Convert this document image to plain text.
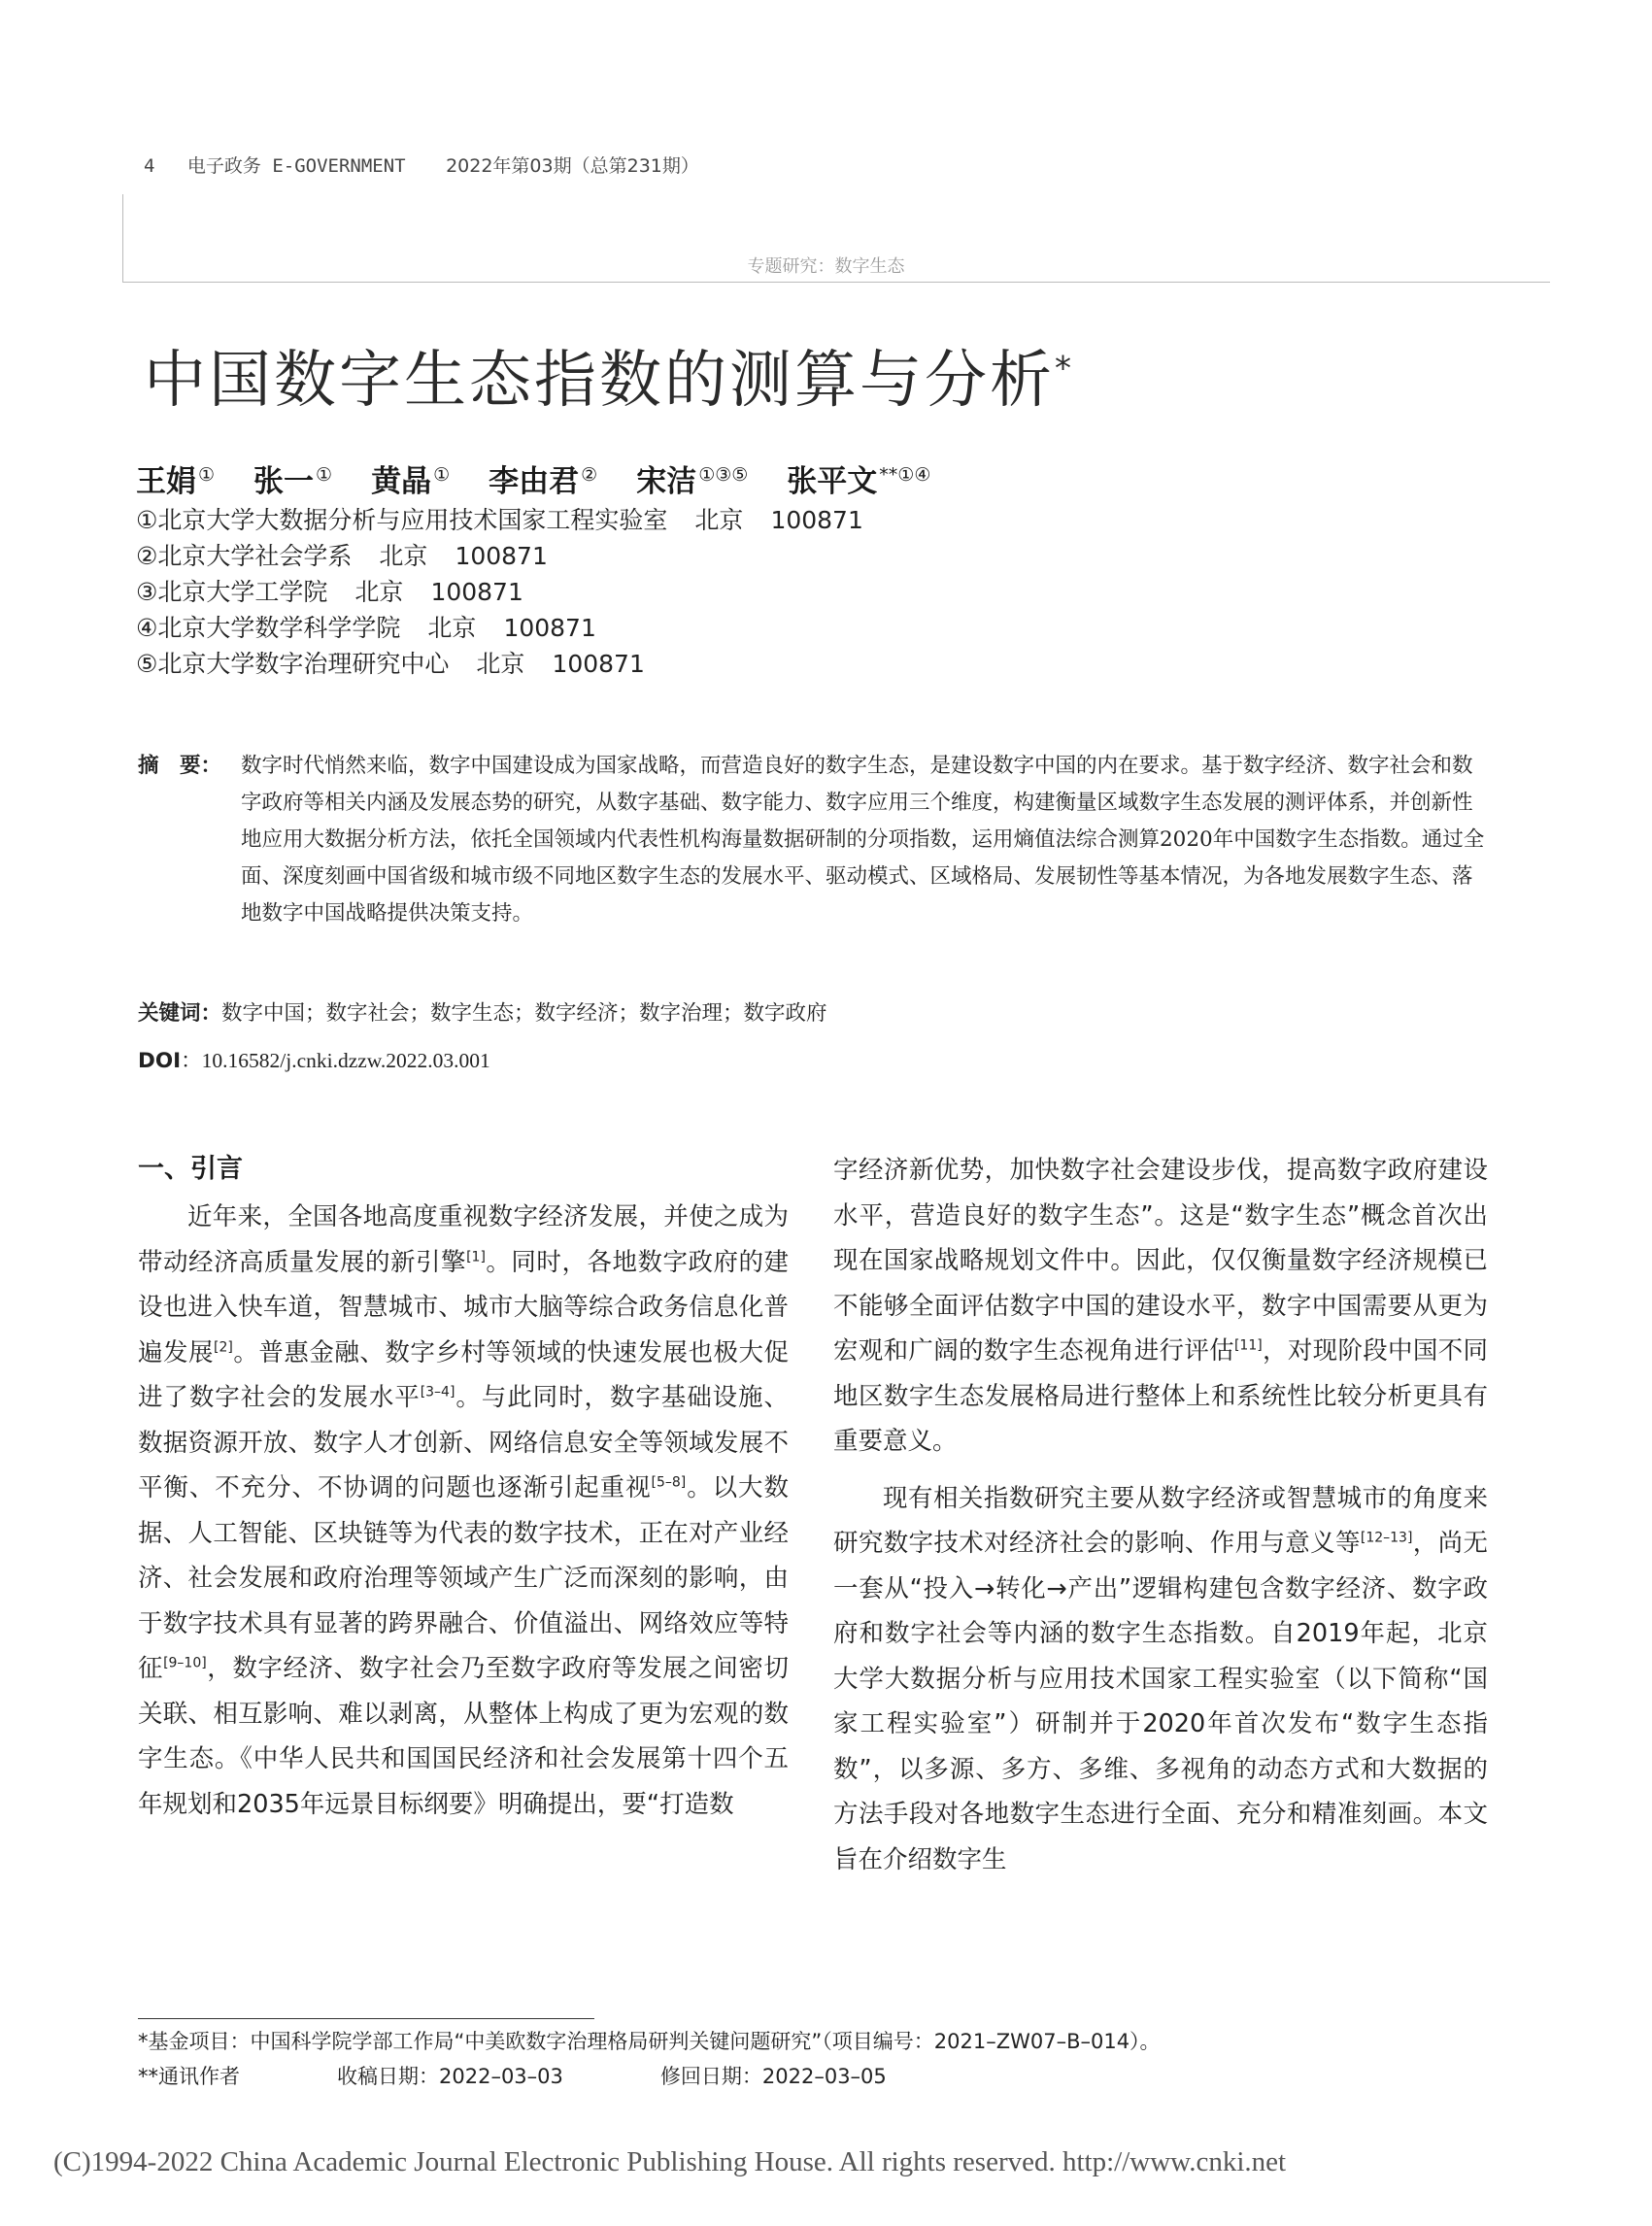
4 电子政务 E-GOVERNMENT 2022年第03期（总第231期）
专题研究：数字生态
中国数字生态指数的测算与分析*
王娟 ① 张一 ① 黄晶 ① 李由君 ② 宋洁 ①③⑤ 张平文 **①④
①北京大学大数据分析与应用技术国家工程实验室 北京 100871
②北京大学社会学系 北京 100871
③北京大学工学院 北京 100871
④北京大学数学科学学院 北京 100871
⑤北京大学数字治理研究中心 北京 100871
摘　要： 数字时代悄然来临，数字中国建设成为国家战略，而营造良好的数字生态，是建设数字中国的内在要求。基于数字经济、数字社会和数字政府等相关内涵及发展态势的研究，从数字基础、数字能力、数字应用三个维度，构建衡量区域数字生态发展的测评体系，并创新性地应用大数据分析方法，依托全国领域内代表性机构海量数据研制的分项指数，运用熵值法综合测算2020年中国数字生态指数。通过全面、深度刻画中国省级和城市级不同地区数字生态的发展水平、驱动模式、区域格局、发展韧性等基本情况，为各地发展数字生态、落地数字中国战略提供决策支持。
关键词：数字中国；数字社会；数字生态；数字经济；数字治理；数字政府
DOI：10.16582/j.cnki.dzzw.2022.03.001
一、引言

近年来，全国各地高度重视数字经济发展，并使之成为带动经济高质量发展的新引擎[1]。同时，各地数字政府的建设也进入快车道，智慧城市、城市大脑等综合政务信息化普遍发展[2]。普惠金融、数字乡村等领域的快速发展也极大促进了数字社会的发展水平[3–4]。与此同时，数字基础设施、数据资源开放、数字人才创新、网络信息安全等领域发展不平衡、不充分、不协调的问题也逐渐引起重视[5–8]。以大数据、人工智能、区块链等为代表的数字技术，正在对产业经济、社会发展和政府治理等领域产生广泛而深刻的影响，由于数字技术具有显著的跨界融合、价值溢出、网络效应等特征[9–10]，数字经济、数字社会乃至数字政府等发展之间密切关联、相互影响、难以剥离，从整体上构成了更为宏观的数字生态。《中华人民共和国国民经济和社会发展第十四个五年规划和2035年远景目标纲要》明确提出，要“打造数

字经济新优势，加快数字社会建设步伐，提高数字政府建设水平，营造良好的数字生态”。这是“数字生态”概念首次出现在国家战略规划文件中。因此，仅仅衡量数字经济规模已不能够全面评估数字中国的建设水平，数字中国需要从更为宏观和广阔的数字生态视角进行评估[11]，对现阶段中国不同地区数字生态发展格局进行整体上和系统性比较分析更具有重要意义。

现有相关指数研究主要从数字经济或智慧城市的角度来研究数字技术对经济社会的影响、作用与意义等[12–13]，尚无一套从“投入→转化→产出”逻辑构建包含数字经济、数字政府和数字社会等内涵的数字生态指数。自2019年起，北京大学大数据分析与应用技术国家工程实验室（以下简称“国家工程实验室”）研制并于2020年首次发布“数字生态指数”，以多源、多方、多维、多视角的动态方式和大数据的方法手段对各地数字生态进行全面、充分和精准刻画。本文旨在介绍数字生

*基金项目：中国科学院学部工作局“中美欧数字治理格局研判关键问题研究”（项目编号：2021–ZW07–B–014）。
**通讯作者	收稿日期：2022–03–03	修回日期：2022–03–05
(C)1994-2022 China Academic Journal Electronic Publishing House. All rights reserved. http://www.cnki.net
